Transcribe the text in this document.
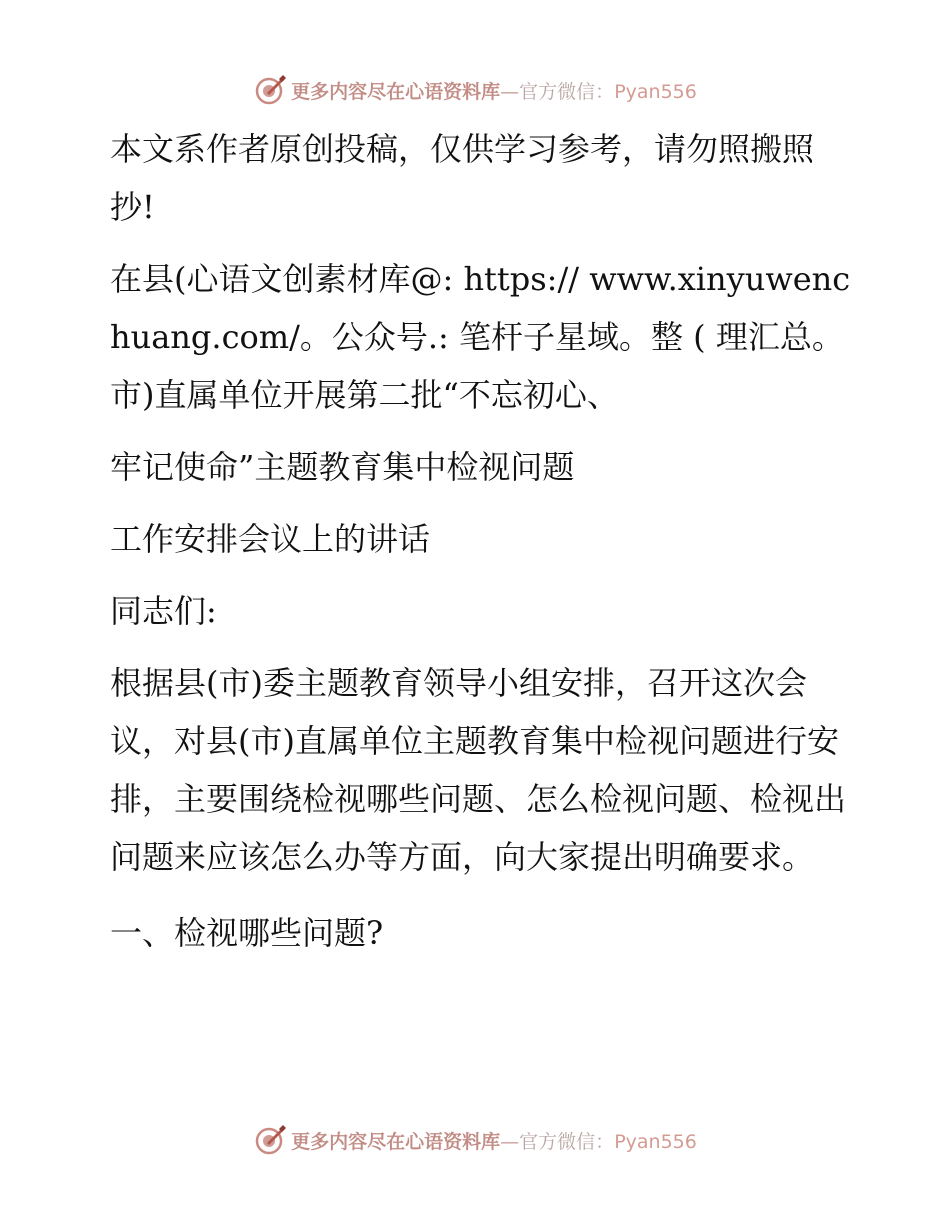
更多内容尽在心语资料库—官方微信：Pyan556

本文系作者原创投稿，仅供学习参考，请勿照搬照抄!

在县(心语文创素材库@: https:// www.xinyuwenchuang.com/。公众号.: 笔杆子星域。整 ( 理汇总。市)直属单位开展第二批“不忘初心、

牢记使命”主题教育集中检视问题

工作安排会议上的讲话

同志们:

根据县(市)委主题教育领导小组安排，召开这次会议，对县(市)直属单位主题教育集中检视问题进行安排，主要围绕检视哪些问题、怎么检视问题、检视出问题来应该怎么办等方面，向大家提出明确要求。

一、检视哪些问题?

更多内容尽在心语资料库—官方微信：Pyan556
